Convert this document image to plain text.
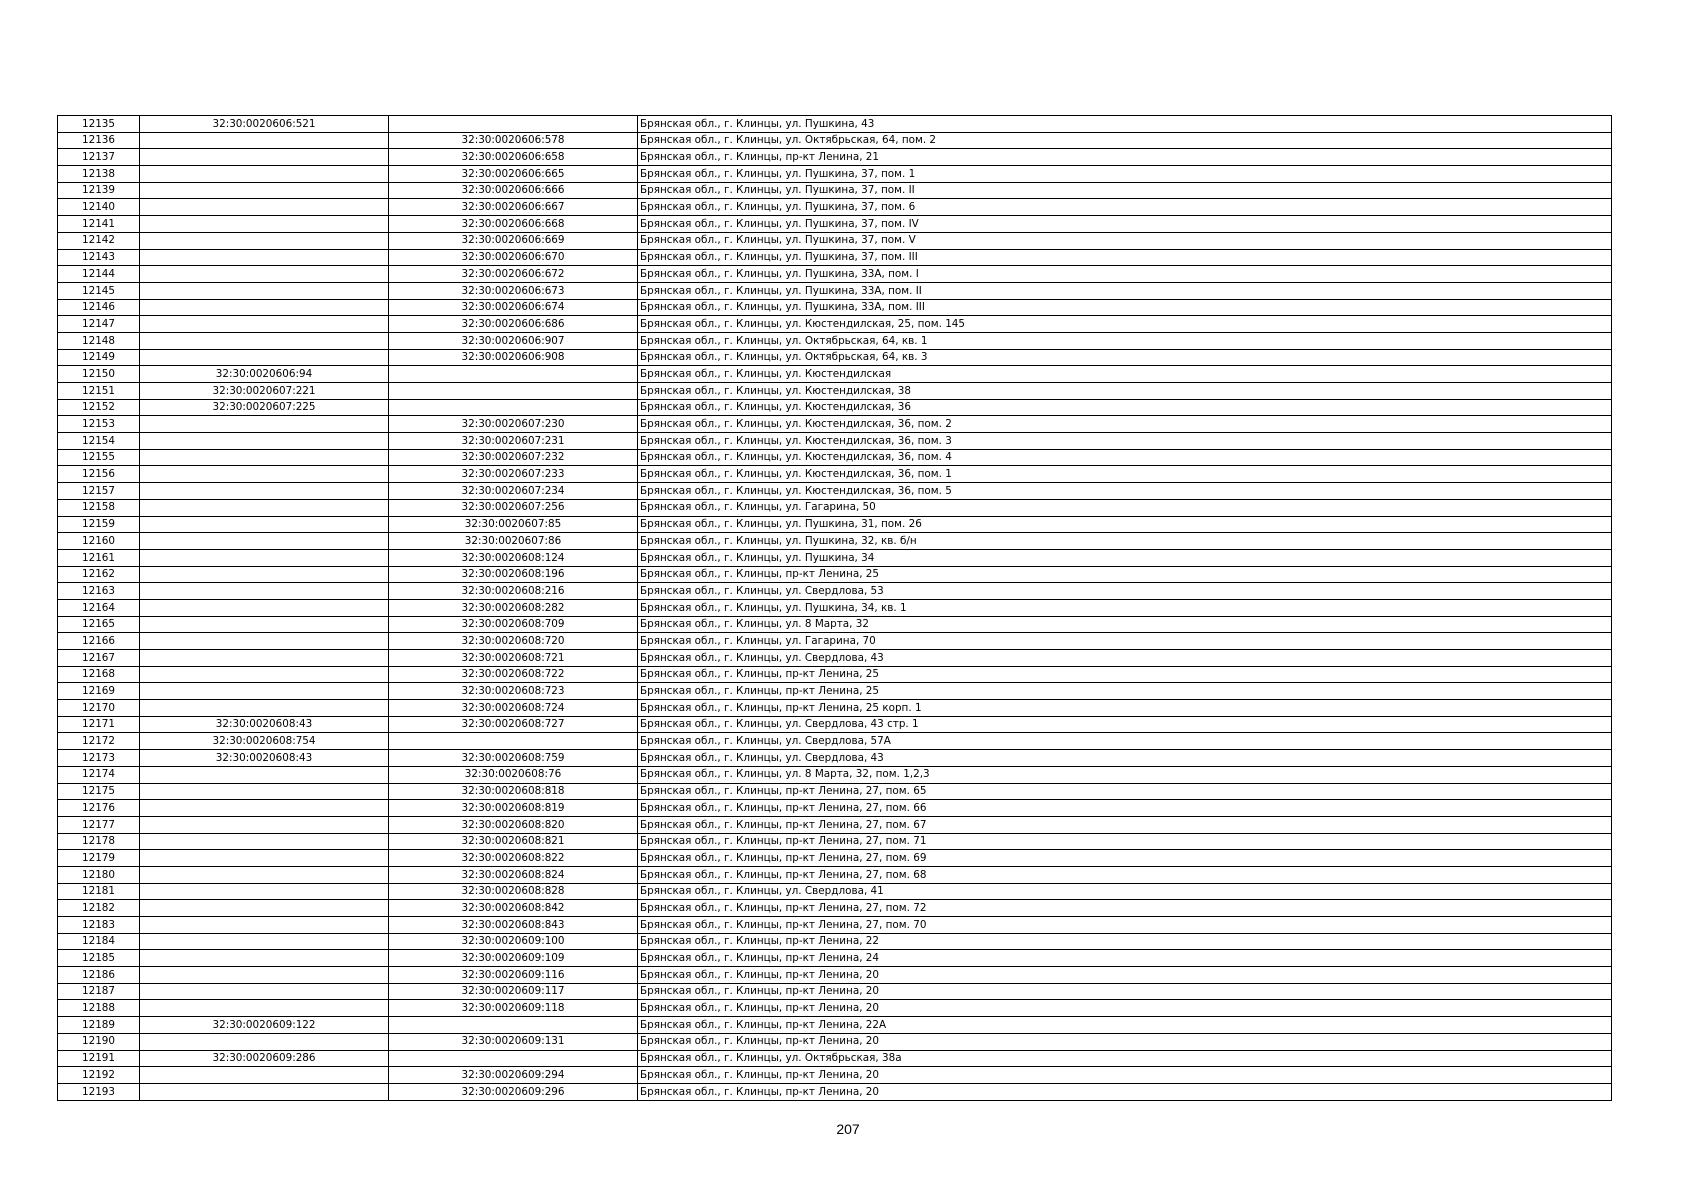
12135	32:30:0020606:521		Брянская обл., г. Клинцы, ул. Пушкина, 43
12136		32:30:0020606:578	Брянская обл., г. Клинцы, ул. Октябрьская, 64, пом. 2
12137		32:30:0020606:658	Брянская обл., г. Клинцы, пр-кт Ленина, 21
12138		32:30:0020606:665	Брянская обл., г. Клинцы, ул. Пушкина, 37, пом. 1
12139		32:30:0020606:666	Брянская обл., г. Клинцы, ул. Пушкина, 37, пом. II
12140		32:30:0020606:667	Брянская обл., г. Клинцы, ул. Пушкина, 37, пом. 6
12141		32:30:0020606:668	Брянская обл., г. Клинцы, ул. Пушкина, 37, пом. IV
12142		32:30:0020606:669	Брянская обл., г. Клинцы, ул. Пушкина, 37, пом. V
12143		32:30:0020606:670	Брянская обл., г. Клинцы, ул. Пушкина, 37, пом. III
12144		32:30:0020606:672	Брянская обл., г. Клинцы, ул. Пушкина, 33А, пом. I
12145		32:30:0020606:673	Брянская обл., г. Клинцы, ул. Пушкина, 33А, пом. II
12146		32:30:0020606:674	Брянская обл., г. Клинцы, ул. Пушкина, 33А, пом. III
12147		32:30:0020606:686	Брянская обл., г. Клинцы, ул. Кюстендилская, 25, пом. 145
12148		32:30:0020606:907	Брянская обл., г. Клинцы, ул. Октябрьская, 64, кв. 1
12149		32:30:0020606:908	Брянская обл., г. Клинцы, ул. Октябрьская, 64, кв. 3
12150	32:30:0020606:94		Брянская обл., г. Клинцы, ул. Кюстендилская
12151	32:30:0020607:221		Брянская обл., г. Клинцы, ул. Кюстендилская, 38
12152	32:30:0020607:225		Брянская обл., г. Клинцы, ул. Кюстендилская, 36
12153		32:30:0020607:230	Брянская обл., г. Клинцы, ул. Кюстендилская, 36, пом. 2
12154		32:30:0020607:231	Брянская обл., г. Клинцы, ул. Кюстендилская, 36, пом. 3
12155		32:30:0020607:232	Брянская обл., г. Клинцы, ул. Кюстендилская, 36, пом. 4
12156		32:30:0020607:233	Брянская обл., г. Клинцы, ул. Кюстендилская, 36, пом. 1
12157		32:30:0020607:234	Брянская обл., г. Клинцы, ул. Кюстендилская, 36, пом. 5
12158		32:30:0020607:256	Брянская обл., г. Клинцы, ул. Гагарина, 50
12159		32:30:0020607:85	Брянская обл., г. Клинцы, ул. Пушкина, 31, пом. 26
12160		32:30:0020607:86	Брянская обл., г. Клинцы, ул. Пушкина, 32, кв. б/н
12161		32:30:0020608:124	Брянская обл., г. Клинцы, ул. Пушкина, 34
12162		32:30:0020608:196	Брянская обл., г. Клинцы, пр-кт Ленина, 25
12163		32:30:0020608:216	Брянская обл., г. Клинцы, ул. Свердлова, 53
12164		32:30:0020608:282	Брянская обл., г. Клинцы, ул. Пушкина, 34, кв. 1
12165		32:30:0020608:709	Брянская обл., г. Клинцы, ул. 8 Марта, 32
12166		32:30:0020608:720	Брянская обл., г. Клинцы, ул. Гагарина, 70
12167		32:30:0020608:721	Брянская обл., г. Клинцы, ул. Свердлова, 43
12168		32:30:0020608:722	Брянская обл., г. Клинцы, пр-кт Ленина, 25
12169		32:30:0020608:723	Брянская обл., г. Клинцы, пр-кт Ленина, 25
12170		32:30:0020608:724	Брянская обл., г. Клинцы, пр-кт Ленина, 25 корп. 1
12171	32:30:0020608:43	32:30:0020608:727	Брянская обл., г. Клинцы, ул. Свердлова, 43 стр. 1
12172	32:30:0020608:754		Брянская обл., г. Клинцы, ул. Свердлова, 57А
12173	32:30:0020608:43	32:30:0020608:759	Брянская обл., г. Клинцы, ул. Свердлова, 43
12174		32:30:0020608:76	Брянская обл., г. Клинцы, ул. 8 Марта, 32, пом. 1,2,3
12175		32:30:0020608:818	Брянская обл., г. Клинцы, пр-кт Ленина, 27, пом. 65
12176		32:30:0020608:819	Брянская обл., г. Клинцы, пр-кт Ленина, 27, пом. 66
12177		32:30:0020608:820	Брянская обл., г. Клинцы, пр-кт Ленина, 27, пом. 67
12178		32:30:0020608:821	Брянская обл., г. Клинцы, пр-кт Ленина, 27, пом. 71
12179		32:30:0020608:822	Брянская обл., г. Клинцы, пр-кт Ленина, 27, пом. 69
12180		32:30:0020608:824	Брянская обл., г. Клинцы, пр-кт Ленина, 27, пом. 68
12181		32:30:0020608:828	Брянская обл., г. Клинцы, ул. Свердлова, 41
12182		32:30:0020608:842	Брянская обл., г. Клинцы, пр-кт Ленина, 27, пом. 72
12183		32:30:0020608:843	Брянская обл., г. Клинцы, пр-кт Ленина, 27, пом. 70
12184		32:30:0020609:100	Брянская обл., г. Клинцы, пр-кт Ленина, 22
12185		32:30:0020609:109	Брянская обл., г. Клинцы, пр-кт Ленина, 24
12186		32:30:0020609:116	Брянская обл., г. Клинцы, пр-кт Ленина, 20
12187		32:30:0020609:117	Брянская обл., г. Клинцы, пр-кт Ленина, 20
12188		32:30:0020609:118	Брянская обл., г. Клинцы, пр-кт Ленина, 20
12189	32:30:0020609:122		Брянская обл., г. Клинцы, пр-кт Ленина, 22А
12190		32:30:0020609:131	Брянская обл., г. Клинцы, пр-кт Ленина, 20
12191	32:30:0020609:286		Брянская обл., г. Клинцы, ул. Октябрьская, 38а
12192		32:30:0020609:294	Брянская обл., г. Клинцы, пр-кт Ленина, 20
12193		32:30:0020609:296	Брянская обл., г. Клинцы, пр-кт Ленина, 20
207
